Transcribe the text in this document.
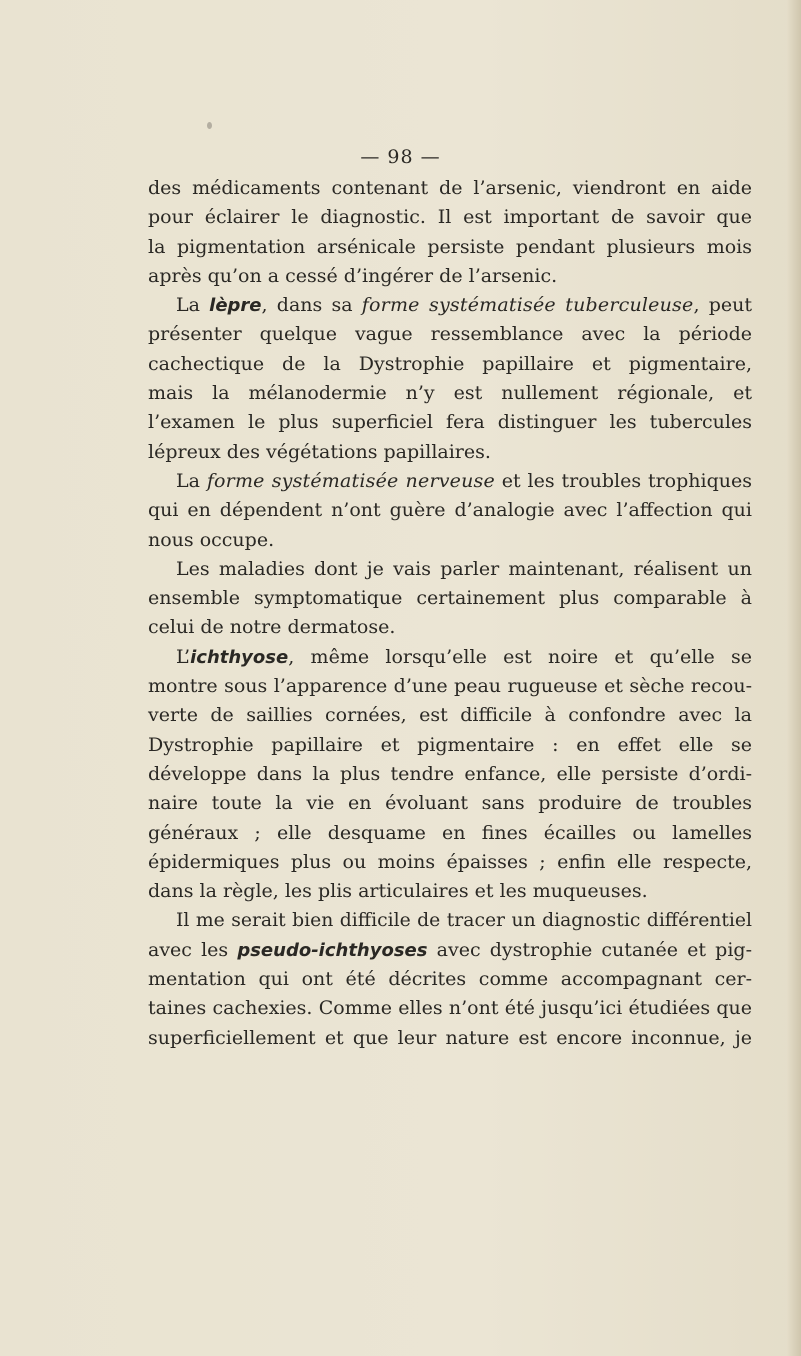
— 98 —
des médicaments contenant de l’arsenic, viendront en aide
pour éclairer le diagnostic. Il est important de savoir que
la pigmentation arsénicale persiste pendant plusieurs mois
après qu’on a cessé d’ingérer de l’arsenic.
La lèpre, dans sa forme systématisée tuberculeuse, peut
présenter quelque vague ressemblance avec la période
cachectique de la Dystrophie papillaire et pigmentaire,
mais la mélanodermie n’y est nullement régionale, et
l’examen le plus superficiel fera distinguer les tubercules
lépreux des végétations papillaires.
La forme systématisée nerveuse et les troubles trophiques
qui en dépendent n’ont guère d’analogie avec l’affection qui
nous occupe.
Les maladies dont je vais parler maintenant, réalisent un
ensemble symptomatique certainement plus comparable à
celui de notre dermatose.
L’ichthyose, même lorsqu’elle est noire et qu’elle se
montre sous l’apparence d’une peau rugueuse et sèche recou-
verte de saillies cornées, est difficile à confondre avec la
Dystrophie papillaire et pigmentaire : en effet elle se
développe dans la plus tendre enfance, elle persiste d’ordi-
naire toute la vie en évoluant sans produire de troubles
généraux ; elle desquame en fines écailles ou lamelles
épidermiques plus ou moins épaisses ; enfin elle respecte,
dans la règle, les plis articulaires et les muqueuses.
Il me serait bien difficile de tracer un diagnostic différentiel
avec les pseudo-ichthyoses avec dystrophie cutanée et pig-
mentation qui ont été décrites comme accompagnant cer-
taines cachexies. Comme elles n’ont été jusqu’ici étudiées que
superficiellement et que leur nature est encore inconnue, je
